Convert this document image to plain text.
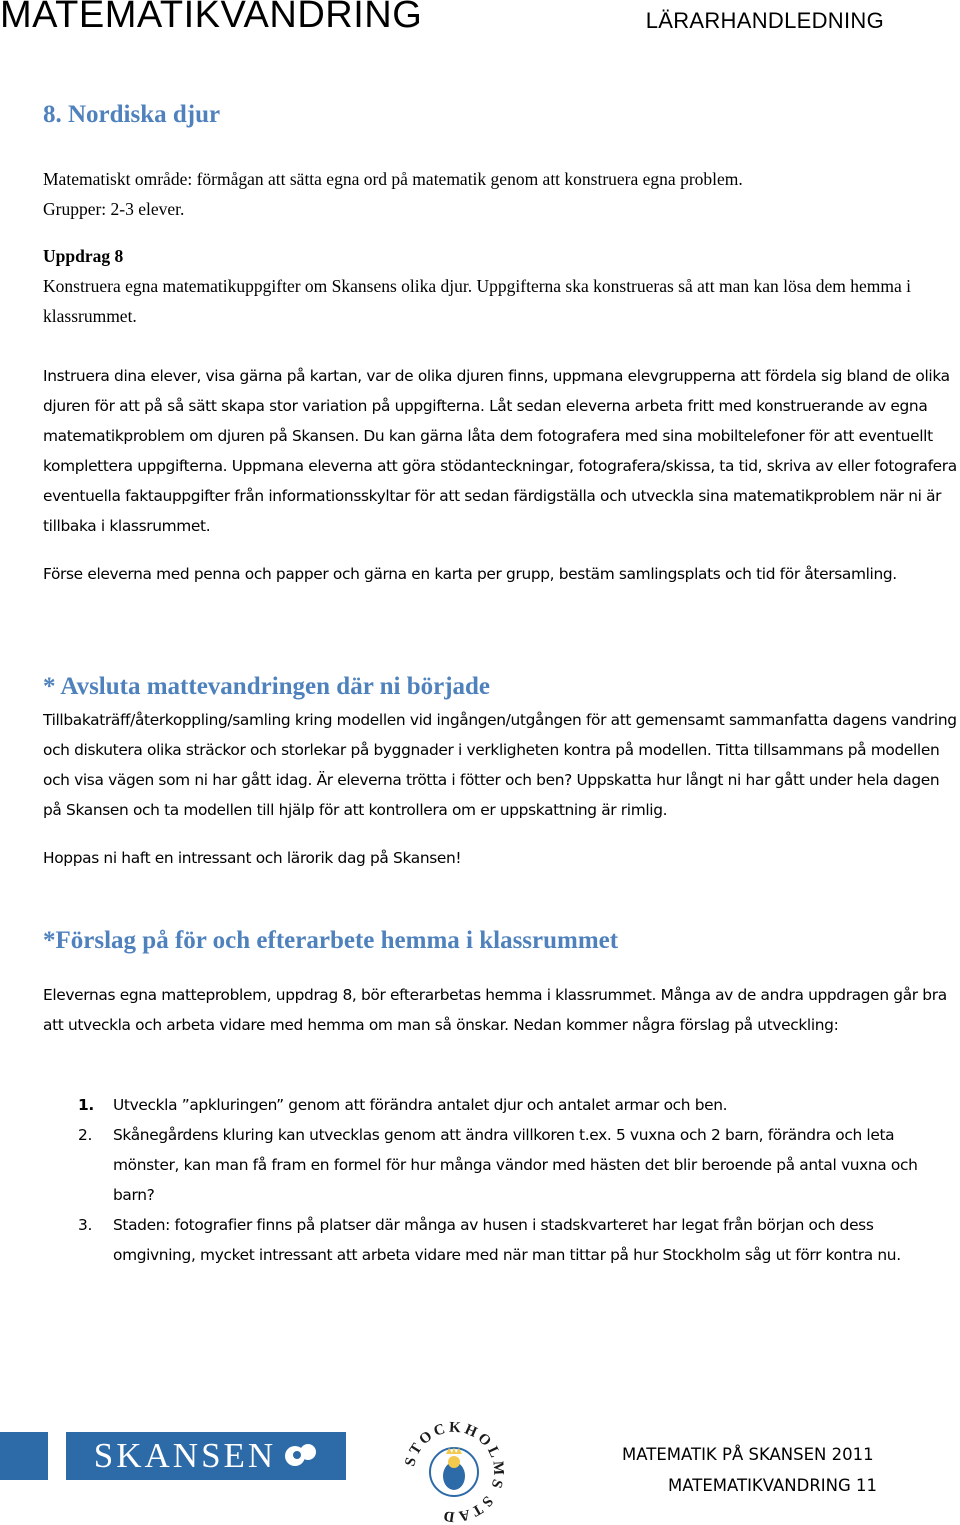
MATEMATIKVANDRING	LÄRARHANDLEDNING
8. Nordiska djur
Matematiskt område: förmågan att sätta egna ord på matematik genom att konstruera egna problem.
Grupper: 2-3 elever.
Uppdrag 8
Konstruera egna matematikuppgifter om Skansens olika djur. Uppgifterna ska konstrueras så att man kan lösa dem hemma i klassrummet.

Instruera dina elever, visa gärna på kartan, var de olika djuren finns, uppmana elevgrupperna att fördela sig bland de olika djuren för att på så sätt skapa stor variation på uppgifterna. Låt sedan eleverna arbeta fritt med konstruerande av egna matematikproblem om djuren på Skansen. Du kan gärna låta dem fotografera med sina mobiltelefoner för att eventuellt komplettera uppgifterna. Uppmana eleverna att göra stödanteckningar, fotografera/skissa, ta tid, skriva av eller fotografera eventuella faktauppgifter från informationsskyltar för att sedan färdigställa och utveckla sina matematikproblem när ni är tillbaka i klassrummet.

Förse eleverna med penna och papper och gärna en karta per grupp, bestäm samlingsplats och tid för återsamling.

* Avsluta mattevandringen där ni började

Tillbakaträff/återkoppling/samling kring modellen vid ingången/utgången för att gemensamt sammanfatta dagens vandring och diskutera olika sträckor och storlekar på byggnader i verkligheten kontra på modellen. Titta tillsammans på modellen och visa vägen som ni har gått idag. Är eleverna trötta i fötter och ben? Uppskatta hur långt ni har gått under hela dagen på Skansen och ta modellen till hjälp för att kontrollera om er uppskattning är rimlig.

Hoppas ni haft en intressant och lärorik dag på Skansen!

*Förslag på för och efterarbete hemma i klassrummet

Elevernas egna matteproblem, uppdrag 8, bör efterarbetas hemma i klassrummet. Många av de andra uppdragen går bra att utveckla och arbeta vidare med hemma om man så önskar. Nedan kommer några förslag på utveckling:

1. Utveckla ”apkluringen” genom att förändra antalet djur och antalet armar och ben.
2. Skånegårdens kluring kan utvecklas genom att ändra villkoren t.ex. 5 vuxna och 2 barn, förändra och leta mönster, kan man få fram en formel för hur många vändor med hästen det blir beroende på antal vuxna och barn?
3. Staden: fotografier finns på platser där många av husen i stadskvarteret har legat från början och dess omgivning, mycket intressant att arbeta vidare med när man tittar på hur Stockholm såg ut förr kontra nu.
SKANSEN	STOCKHOLMS STAD
MATEMATIK PÅ SKANSEN 2011
MATEMATIKVANDRING 11
